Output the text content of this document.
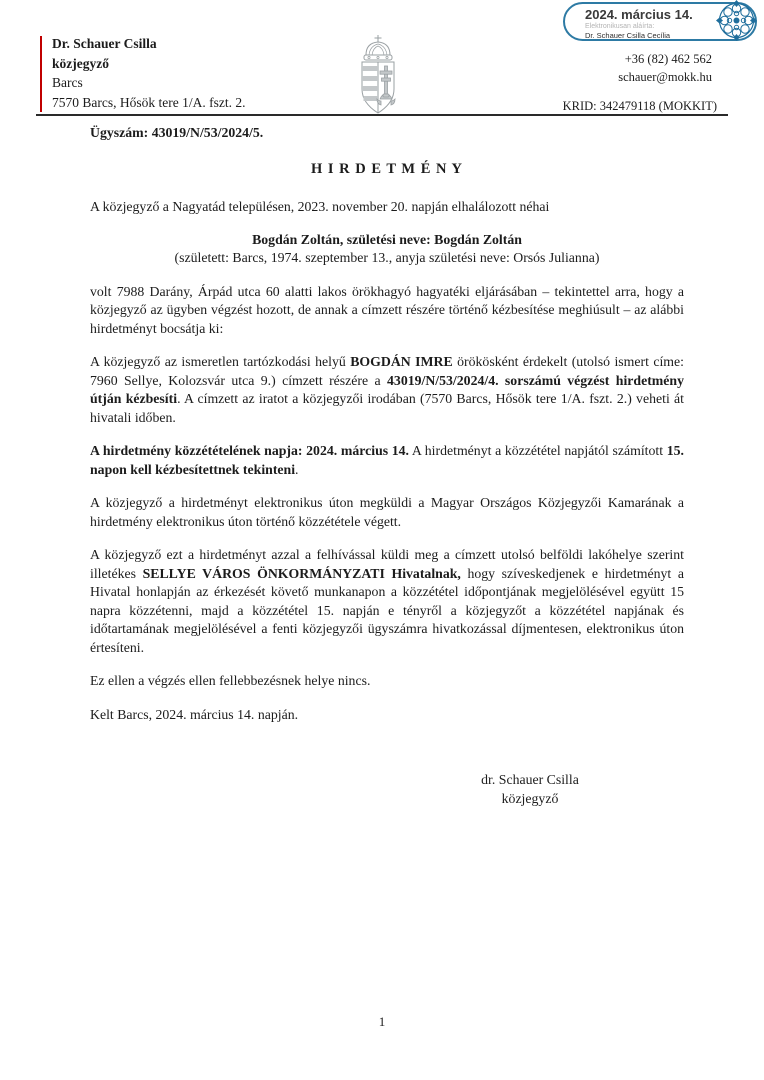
2024. március 14.
Elektronikusan aláírta:
Dr. Schauer Csilla Cecília
Dr. Schauer Csilla
közjegyző
Barcs
7570 Barcs, Hősök tere 1/A. fszt. 2.
+36 (82) 462 562
schauer@mokk.hu
KRID: 342479118 (MOKKIT)
Ügyszám: 43019/N/53/2024/5.
H I R D E T M É N Y
A közjegyző a Nagyatád településen, 2023. november 20. napján elhalálozott néhai
Bogdán Zoltán, születési neve: Bogdán Zoltán
(született: Barcs, 1974. szeptember 13., anyja születési neve: Orsós Julianna)

volt 7988 Darány, Árpád utca 60 alatti lakos örökhagyó hagyatéki eljárásában – tekintettel arra, hogy a közjegyző az ügyben végzést hozott, de annak a címzett részére történő kézbesítése meghiúsult – az alábbi hirdetményt bocsátja ki:

A közjegyző az ismeretlen tartózkodási helyű BOGDÁN IMRE örökösként érdekelt (utolsó ismert címe: 7960 Sellye, Kolozsvár utca 9.) címzett részére a 43019/N/53/2024/4. sorszámú végzést hirdetmény útján kézbesíti. A címzett az iratot a közjegyzői irodában (7570 Barcs, Hősök tere 1/A. fszt. 2.) veheti át hivatali időben.

A hirdetmény közzétételének napja: 2024. március 14. A hirdetményt a közzététel napjától számított 15. napon kell kézbesítettnek tekinteni.

A közjegyző a hirdetményt elektronikus úton megküldi a Magyar Országos Közjegyzői Kamarának a hirdetmény elektronikus úton történő közzététele végett.

A közjegyző ezt a hirdetményt azzal a felhívással küldi meg a címzett utolsó belföldi lakóhelye szerint illetékes SELLYE VÁROS ÖNKORMÁNYZATI Hivatalnak, hogy szíveskedjenek e hirdetményt a Hivatal honlapján az érkezését követő munkanapon a közzététel időpontjának megjelölésével együtt 15 napra közzétenni, majd a közzététel 15. napján e tényről a közjegyzőt a közzététel napjának és időtartamának megjelölésével a fenti közjegyzői ügyszámra hivatkozással díjmentesen, elektronikus úton értesíteni.

Ez ellen a végzés ellen fellebbezésnek helye nincs.
Kelt Barcs, 2024. március 14. napján.
dr. Schauer Csilla
közjegyző
1
